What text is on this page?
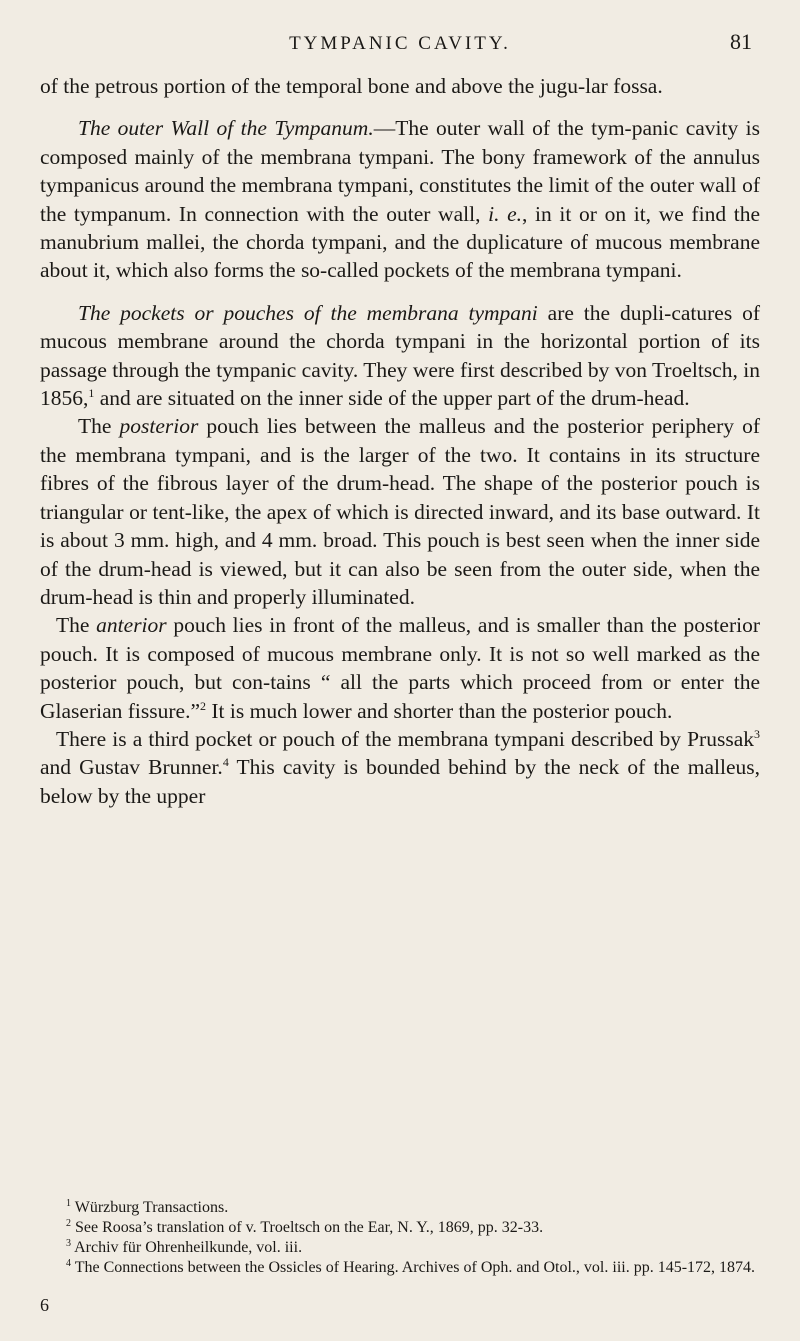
TYMPANIC CAVITY.	81

of the petrous portion of the temporal bone and above the jugu-lar fossa.

The outer Wall of the Tympanum.—The outer wall of the tym-panic cavity is composed mainly of the membrana tympani. The bony framework of the annulus tympanicus around the membrana tympani, constitutes the limit of the outer wall of the tympanum. In connection with the outer wall, i. e., in it or on it, we find the manubrium mallei, the chorda tympani, and the duplicature of mucous membrane about it, which also forms the so-called pockets of the membrana tympani.

The pockets or pouches of the membrana tympani are the dupli-catures of mucous membrane around the chorda tympani in the horizontal portion of its passage through the tympanic cavity. They were first described by von Troeltsch, in 1856,$^1$ and are situated on the inner side of the upper part of the drum-head.

The posterior pouch lies between the malleus and the posterior periphery of the membrana tympani, and is the larger of the two. It contains in its structure fibres of the fibrous layer of the drum-head. The shape of the posterior pouch is triangular or tent-like, the apex of which is directed inward, and its base outward. It is about 3 mm. high, and 4 mm. broad. This pouch is best seen when the inner side of the drum-head is viewed, but it can also be seen from the outer side, when the drum-head is thin and properly illuminated.

The anterior pouch lies in front of the malleus, and is smaller than the posterior pouch. It is composed of mucous membrane only. It is not so well marked as the posterior pouch, but con-tains “ all the parts which proceed from or enter the Glaserian fissure.”$^2$ It is much lower and shorter than the posterior pouch.

There is a third pocket or pouch of the membrana tympani described by Prussak$^3$ and Gustav Brunner.$^4$ This cavity is bounded behind by the neck of the malleus, below by the upper

$^1$ Würzburg Transactions.

$^2$ See Roosa’s translation of v. Troeltsch on the Ear, N. Y., 1869, pp. 32-33.

$^3$ Archiv für Ohrenheilkunde, vol. iii.

$^4$ The Connections between the Ossicles of Hearing. Archives of Oph. and Otol., vol. iii. pp. 145-172, 1874.

6
